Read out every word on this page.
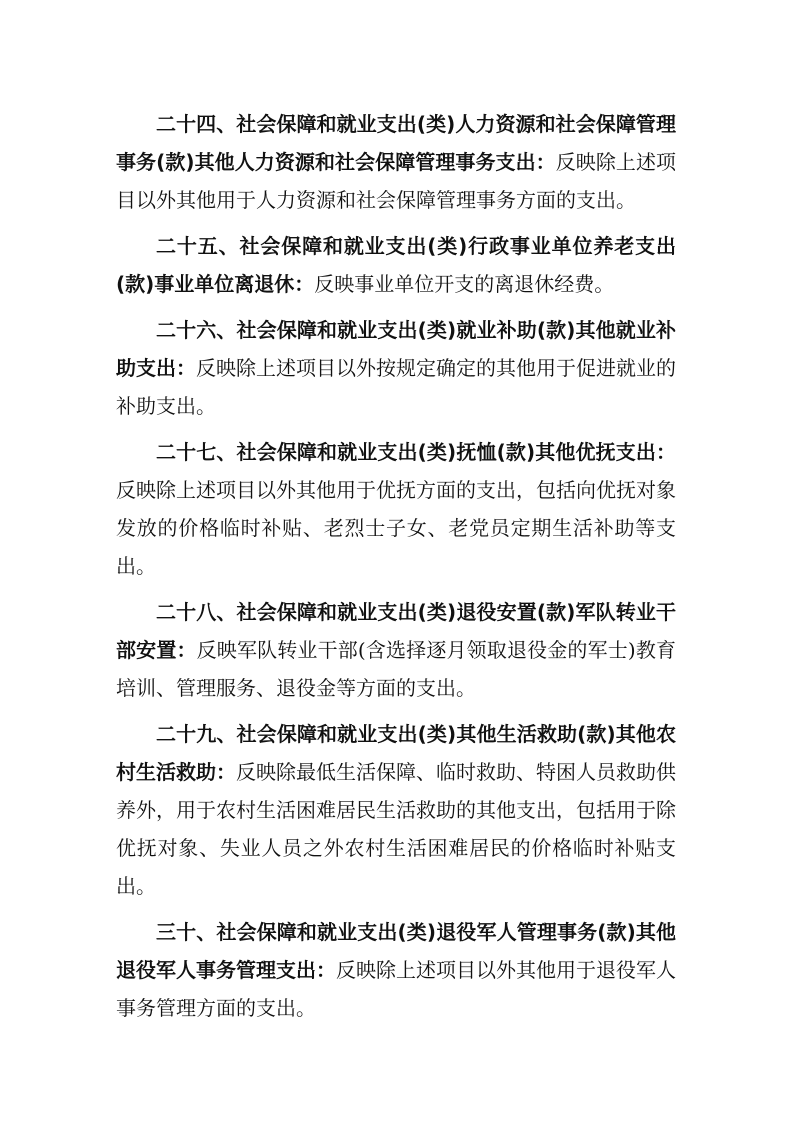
二十四、社会保障和就业支出(类)人力资源和社会保障管理事务(款)其他人力资源和社会保障管理事务支出：反映除上述项目以外其他用于人力资源和社会保障管理事务方面的支出。

二十五、社会保障和就业支出(类)行政事业单位养老支出(款)事业单位离退休：反映事业单位开支的离退休经费。

二十六、社会保障和就业支出(类)就业补助(款)其他就业补助支出：反映除上述项目以外按规定确定的其他用于促进就业的补助支出。

二十七、社会保障和就业支出(类)抚恤(款)其他优抚支出：反映除上述项目以外其他用于优抚方面的支出，包括向优抚对象发放的价格临时补贴、老烈士子女、老党员定期生活补助等支出。

二十八、社会保障和就业支出(类)退役安置(款)军队转业干部安置：反映军队转业干部(含选择逐月领取退役金的军士)教育培训、管理服务、退役金等方面的支出。

二十九、社会保障和就业支出(类)其他生活救助(款)其他农村生活救助：反映除最低生活保障、临时救助、特困人员救助供养外，用于农村生活困难居民生活救助的其他支出，包括用于除优抚对象、失业人员之外农村生活困难居民的价格临时补贴支出。

三十、社会保障和就业支出(类)退役军人管理事务(款)其他退役军人事务管理支出：反映除上述项目以外其他用于退役军人事务管理方面的支出。
